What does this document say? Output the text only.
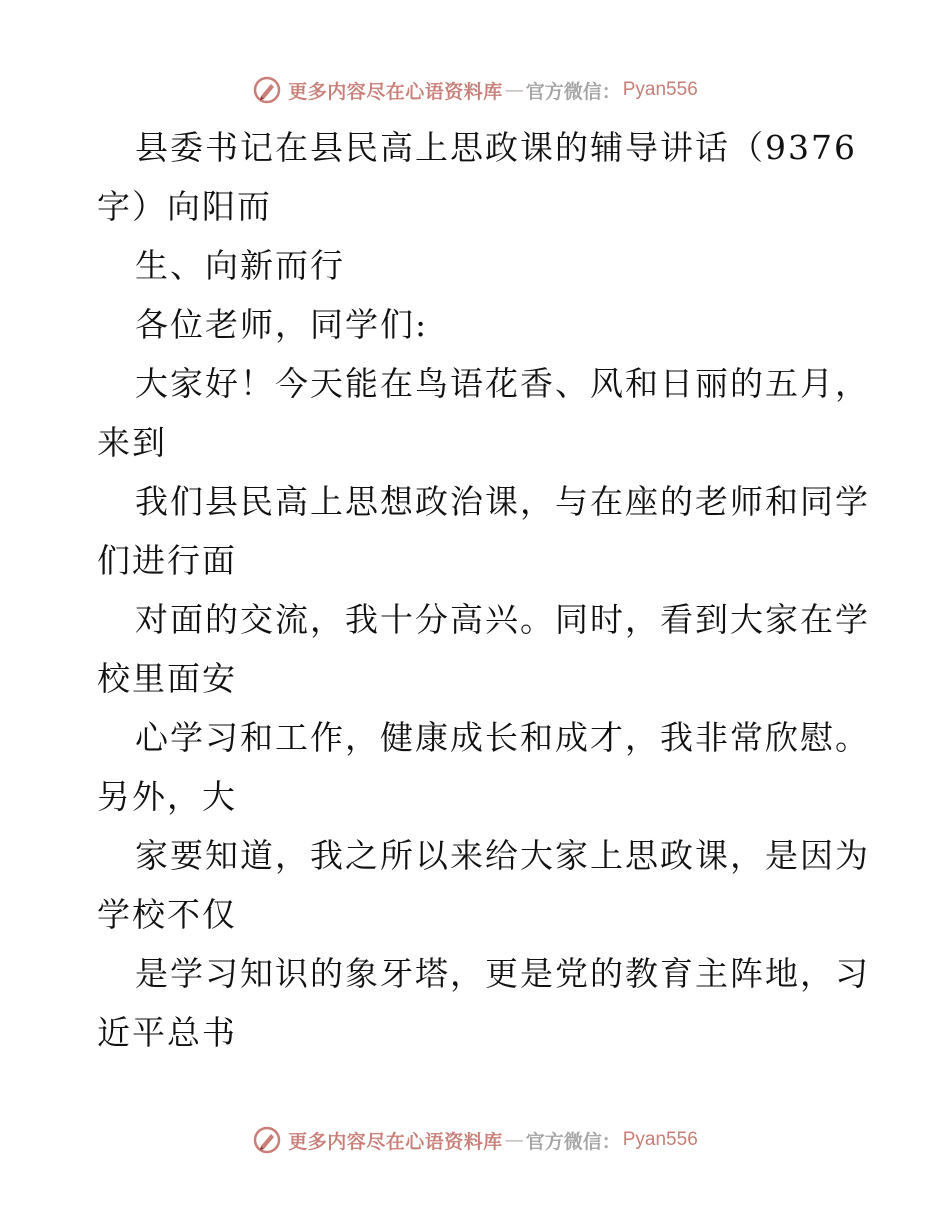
更多内容尽在心语资料库 — 官方微信： Pyan556
县委书记在县民高上思政课的辅导讲话（9376
字）向阳而
生、向新而行
各位老师，同学们:
大家好！今天能在鸟语花香、风和日丽的五月，
来到
我们县民高上思想政治课，与在座的老师和同学
们进行面
对面的交流，我十分高兴。同时，看到大家在学
校里面安
心学习和工作，健康成长和成才，我非常欣慰。
另外，大
家要知道，我之所以来给大家上思政课，是因为
学校不仅
是学习知识的象牙塔，更是党的教育主阵地，习
近平总书
更多内容尽在心语资料库 — 官方微信： Pyan556
